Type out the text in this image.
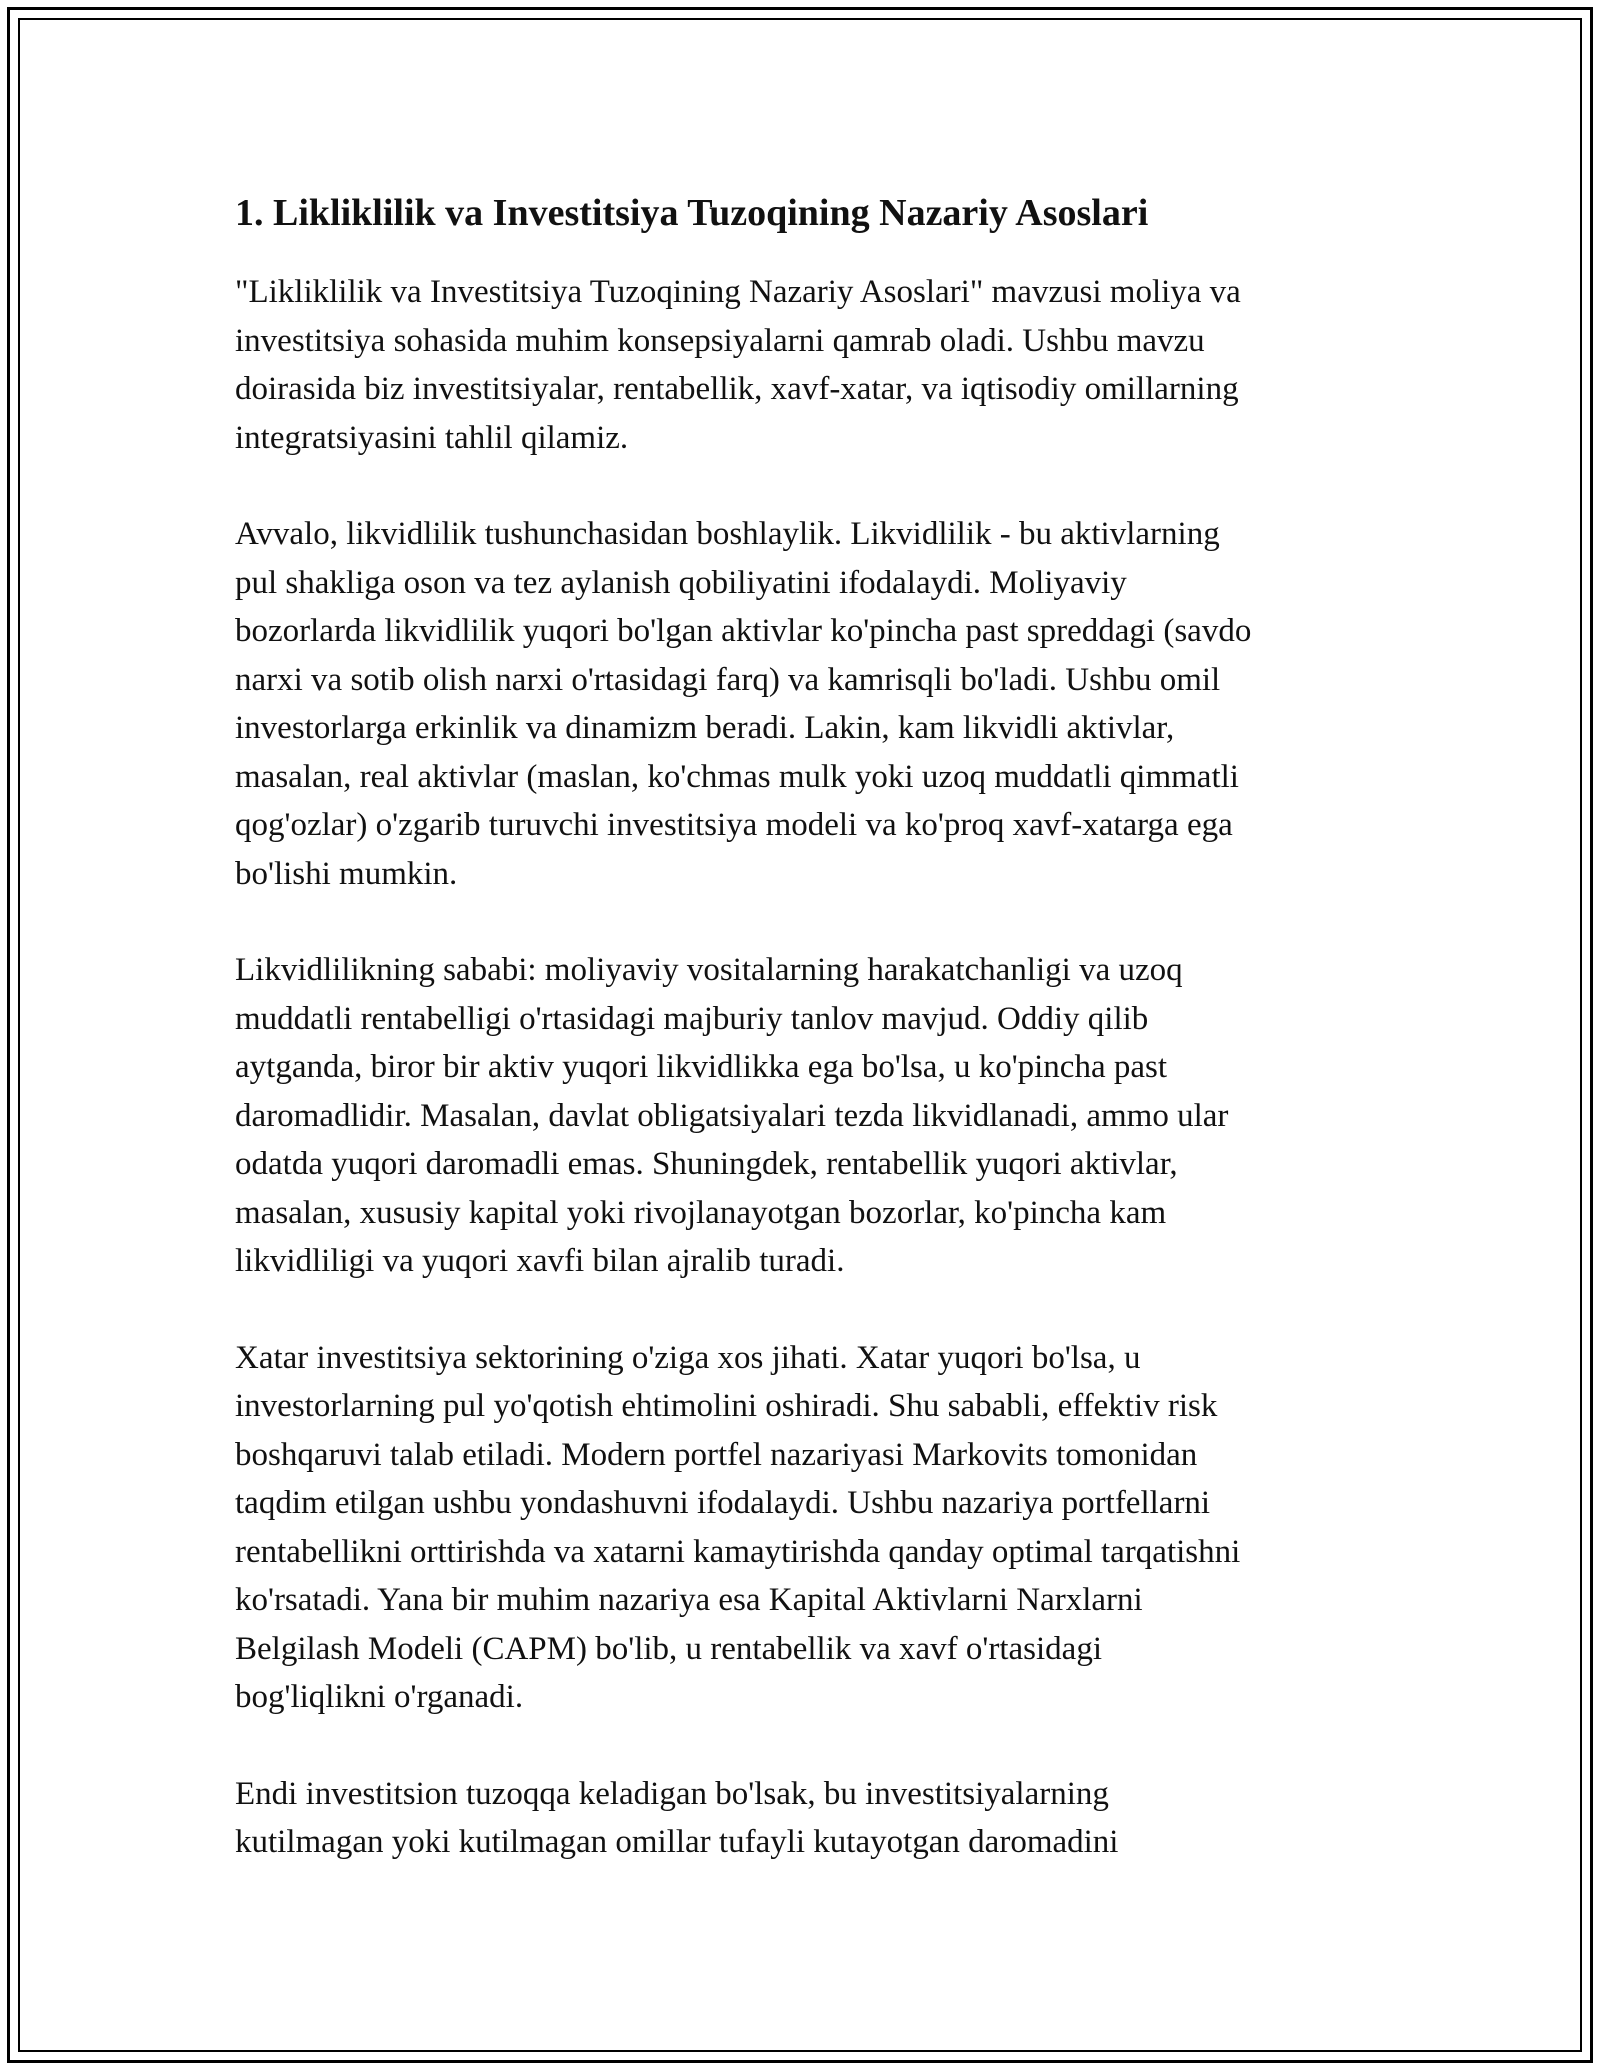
1. Likliklilik va Investitsiya Tuzoqining Nazariy Asoslari

"Likliklilik va Investitsiya Tuzoqining Nazariy Asoslari" mavzusi moliya va
investitsiya sohasida muhim konsepsiyalarni qamrab oladi. Ushbu mavzu
doirasida biz investitsiyalar, rentabellik, xavf-xatar, va iqtisodiy omillarning
integratsiyasini tahlil qilamiz.

Avvalo, likvidlilik tushunchasidan boshlaylik. Likvidlilik - bu aktivlarning
pul shakliga oson va tez aylanish qobiliyatini ifodalaydi. Moliyaviy
bozorlarda likvidlilik yuqori bo'lgan aktivlar ko'pincha past spreddagi (savdo
narxi va sotib olish narxi o'rtasidagi farq) va kamrisqli bo'ladi. Ushbu omil
investorlarga erkinlik va dinamizm beradi. Lakin, kam likvidli aktivlar,
masalan, real aktivlar (maslan, ko'chmas mulk yoki uzoq muddatli qimmatli
qog'ozlar) o'zgarib turuvchi investitsiya modeli va ko'proq xavf-xatarga ega
bo'lishi mumkin.

Likvidlilikning sababi: moliyaviy vositalarning harakatchanligi va uzoq
muddatli rentabelligi o'rtasidagi majburiy tanlov mavjud. Oddiy qilib
aytganda, biror bir aktiv yuqori likvidlikka ega bo'lsa, u ko'pincha past
daromadlidir. Masalan, davlat obligatsiyalari tezda likvidlanadi, ammo ular
odatda yuqori daromadli emas. Shuningdek, rentabellik yuqori aktivlar,
masalan, xususiy kapital yoki rivojlanayotgan bozorlar, ko'pincha kam
likvidliligi va yuqori xavfi bilan ajralib turadi.

Xatar investitsiya sektorining o'ziga xos jihati. Xatar yuqori bo'lsa, u
investorlarning pul yo'qotish ehtimolini oshiradi. Shu sababli, effektiv risk
boshqaruvi talab etiladi. Modern portfel nazariyasi Markovits tomonidan
taqdim etilgan ushbu yondashuvni ifodalaydi. Ushbu nazariya portfellarni
rentabellikni orttirishda va xatarni kamaytirishda qanday optimal tarqatishni
ko'rsatadi. Yana bir muhim nazariya esa Kapital Aktivlarni Narxlarni
Belgilash Modeli (CAPM) bo'lib, u rentabellik va xavf o'rtasidagi
bog'liqlikni o'rganadi.

Endi investitsion tuzoqqa keladigan bo'lsak, bu investitsiyalarning
kutilmagan yoki kutilmagan omillar tufayli kutayotgan daromadini
